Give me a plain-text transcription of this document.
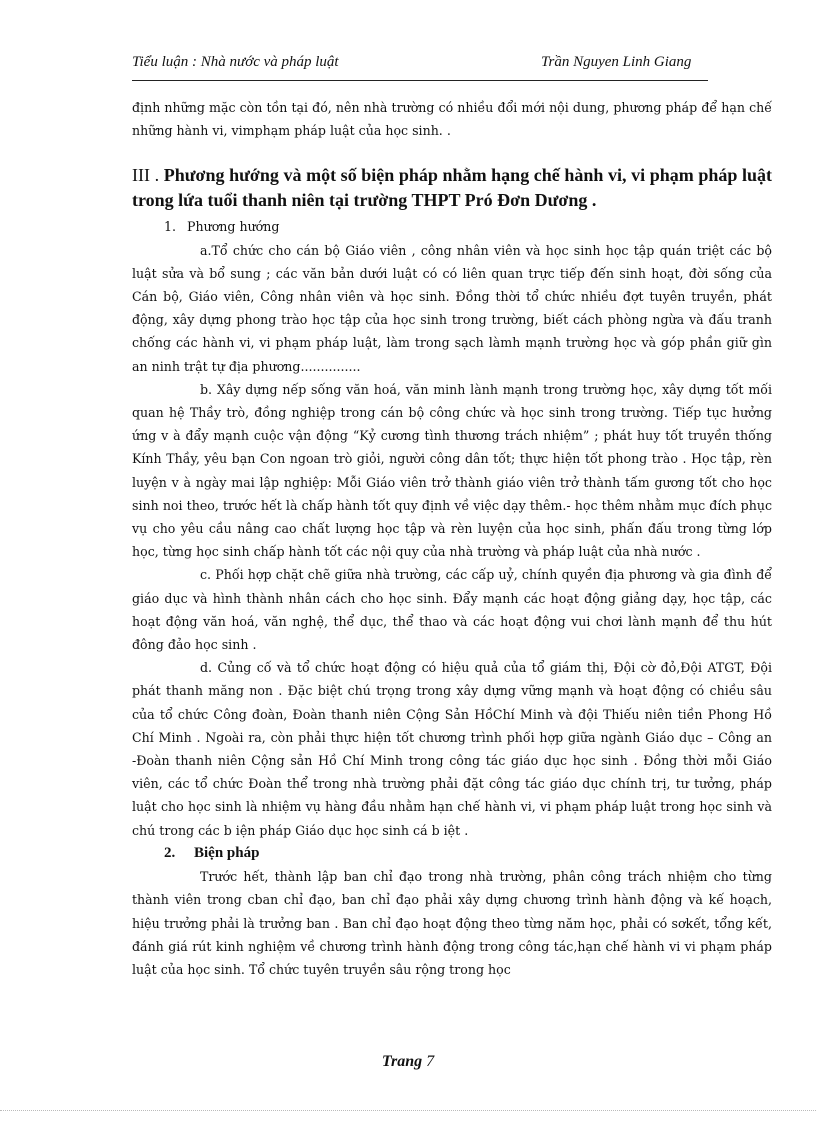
Tiểu luận : Nhà nước và pháp luật	Trần Nguyen Linh Giang

định những mặc còn tồn tại đó, nên nhà trường có nhiều đổi mới nội dung, phương pháp để hạn chế những hành vi, vimphạm pháp luật của học sinh. .

III . Phương hướng và một số biện pháp nhằm hạng chế hành vi, vi phạm pháp luật trong lứa tuổi thanh niên tại trường THPT Pró Đơn Dương .

1. Phương hướng

a.Tổ chức cho cán bộ Giáo viên , công nhân viên và học sinh học tập quán triệt các bộ luật sửa và bổ sung ; các văn bản dưới luật có có liên quan trực tiếp đến sinh hoạt, đời sống của Cán bộ, Giáo viên, Công nhân viên và học sinh. Đồng thời tổ chức nhiều đợt tuyên truyền, phát động, xây dựng phong trào học tập của học sinh trong trường, biết cách phòng ngừa và đấu tranh chống các hành vi, vi phạm pháp luật, làm trong sạch làmh mạnh trường học và góp phần giữ gìn an ninh trật tự địa phương...............

b. Xây dựng nếp sống văn hoá, văn minh lành mạnh trong trường học, xây dựng tốt mối quan hệ Thầy trò, đồng nghiệp trong cán bộ công chức và học sinh trong trường. Tiếp tục hưởng ứng v à đẩy mạnh cuộc vận động “Kỷ cương tình thương trách nhiệm” ; phát huy tốt truyền thống Kính Thầy, yêu bạn Con ngoan trò giỏi, người công dân tốt; thực hiện tốt phong trào . Học tập, rèn luyện v à ngày mai lập nghiệp: Mỗi Giáo viên trở thành giáo viên trở thành tấm gương tốt cho học sinh noi theo, trước hết là chấp hành tốt quy định về việc dạy thêm.- học thêm nhằm mục đích phục vụ cho yêu cầu nâng cao chất lượng học tập và rèn luyện của học sinh, phấn đấu trong từng lớp học, từng học sinh chấp hành tốt các nội quy của nhà trường và pháp luật của nhà nước .

c. Phối hợp chặt chẽ giữa nhà trường, các cấp uỷ, chính quyền địa phương và gia đình để giáo dục và hình thành nhân cách cho học sinh. Đẩy mạnh các hoạt động giảng dạy, học tập, các hoạt động văn hoá, văn nghệ, thể dục, thể thao và các hoạt động vui chơi lành mạnh để thu hút đông đảo học sinh .

d. Củng cố và tổ chức hoạt động có hiệu quả của tổ giám thị, Đội cờ đỏ,Đội ATGT, Đội phát thanh măng non . Đặc biệt chú trọng trong xây dựng vững mạnh và hoạt động có chiều sâu của tổ chức Công đoàn, Đoàn thanh niên Cộng Sản HồChí Minh và đội Thiếu niên tiền Phong Hồ Chí Minh . Ngoài ra, còn phải thực hiện tốt chương trình phối hợp giữa ngành Giáo dục – Công an -Đoàn thanh niên Cộng sản Hồ Chí Minh trong công tác giáo dục học sinh . Đồng thời mỗi Giáo viên, các tổ chức Đoàn thể trong nhà trường phải đặt công tác giáo dục chính trị, tư tưởng, pháp luật cho học sinh là nhiệm vụ hàng đầu nhằm hạn chế hành vi, vi phạm pháp luật trong học sinh và chú trong các b iện pháp Giáo dục học sinh cá b iệt .

2. Biện pháp

Trước hết, thành lập ban chỉ đạo trong nhà trường, phân công trách nhiệm cho từng thành viên trong cban chỉ đạo, ban chỉ đạo phải xây dựng chương trình hành động và kế hoạch, hiệu trưởng phải là trưởng ban . Ban chỉ đạo hoạt động theo từng năm học, phải có sơkết, tổng kết, đánh giá rút kinh nghiệm về chương trình hành động trong công tác,hạn chế hành vi vi phạm pháp luật của học sinh. Tổ chức tuyên truyền sâu rộng trong học

Trang 7
